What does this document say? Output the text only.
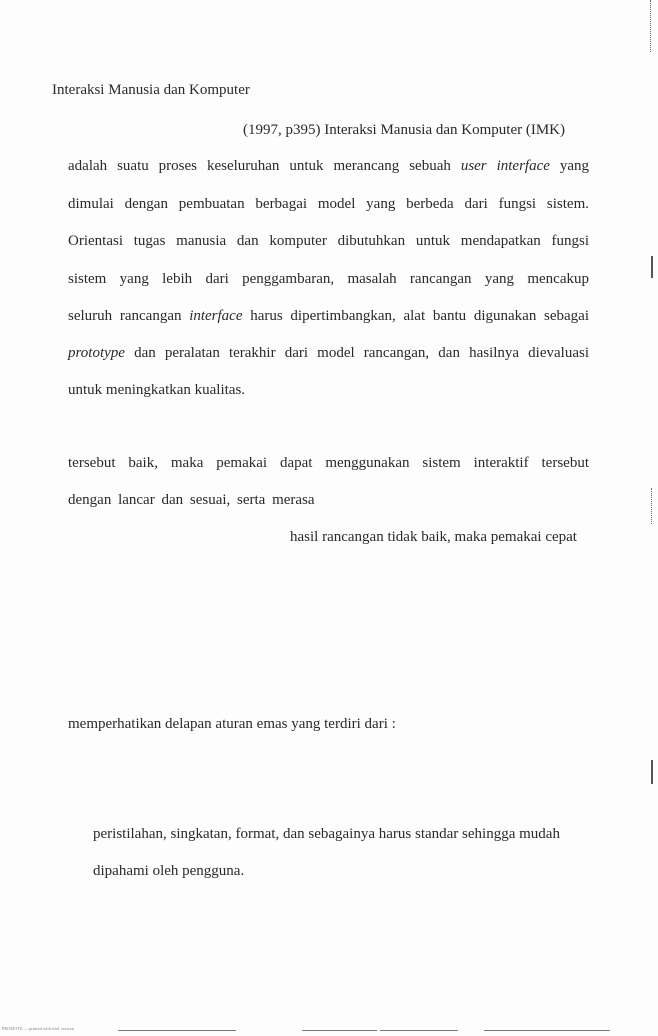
Interaksi Manusia dan Komputer
(1997, p395) Interaksi Manusia dan Komputer (IMK)
adalah suatu proses keseluruhan untuk merancang sebuah user interface yang
dimulai dengan pembuatan berbagai model yang berbeda dari fungsi sistem.
Orientasi tugas manusia dan komputer dibutuhkan untuk mendapatkan fungsi
sistem yang lebih dari penggambaran, masalah rancangan yang mencakup
seluruh rancangan interface harus dipertimbangkan, alat bantu digunakan sebagai
prototype dan peralatan terakhir dari model rancangan, dan hasilnya dievaluasi
untuk meningkatkan kualitas.
tersebut baik, maka pemakai dapat menggunakan sistem interaktif tersebut
dengan lancar dan sesuai, serta merasa
hasil rancangan tidak baik, maka pemakai cepat
memperhatikan delapan aturan emas yang terdiri dari :
peristilahan, singkatan, format, dan sebagainya harus standar sehingga mudah
dipahami oleh pengguna.
PROMOTE — printed with trial version
